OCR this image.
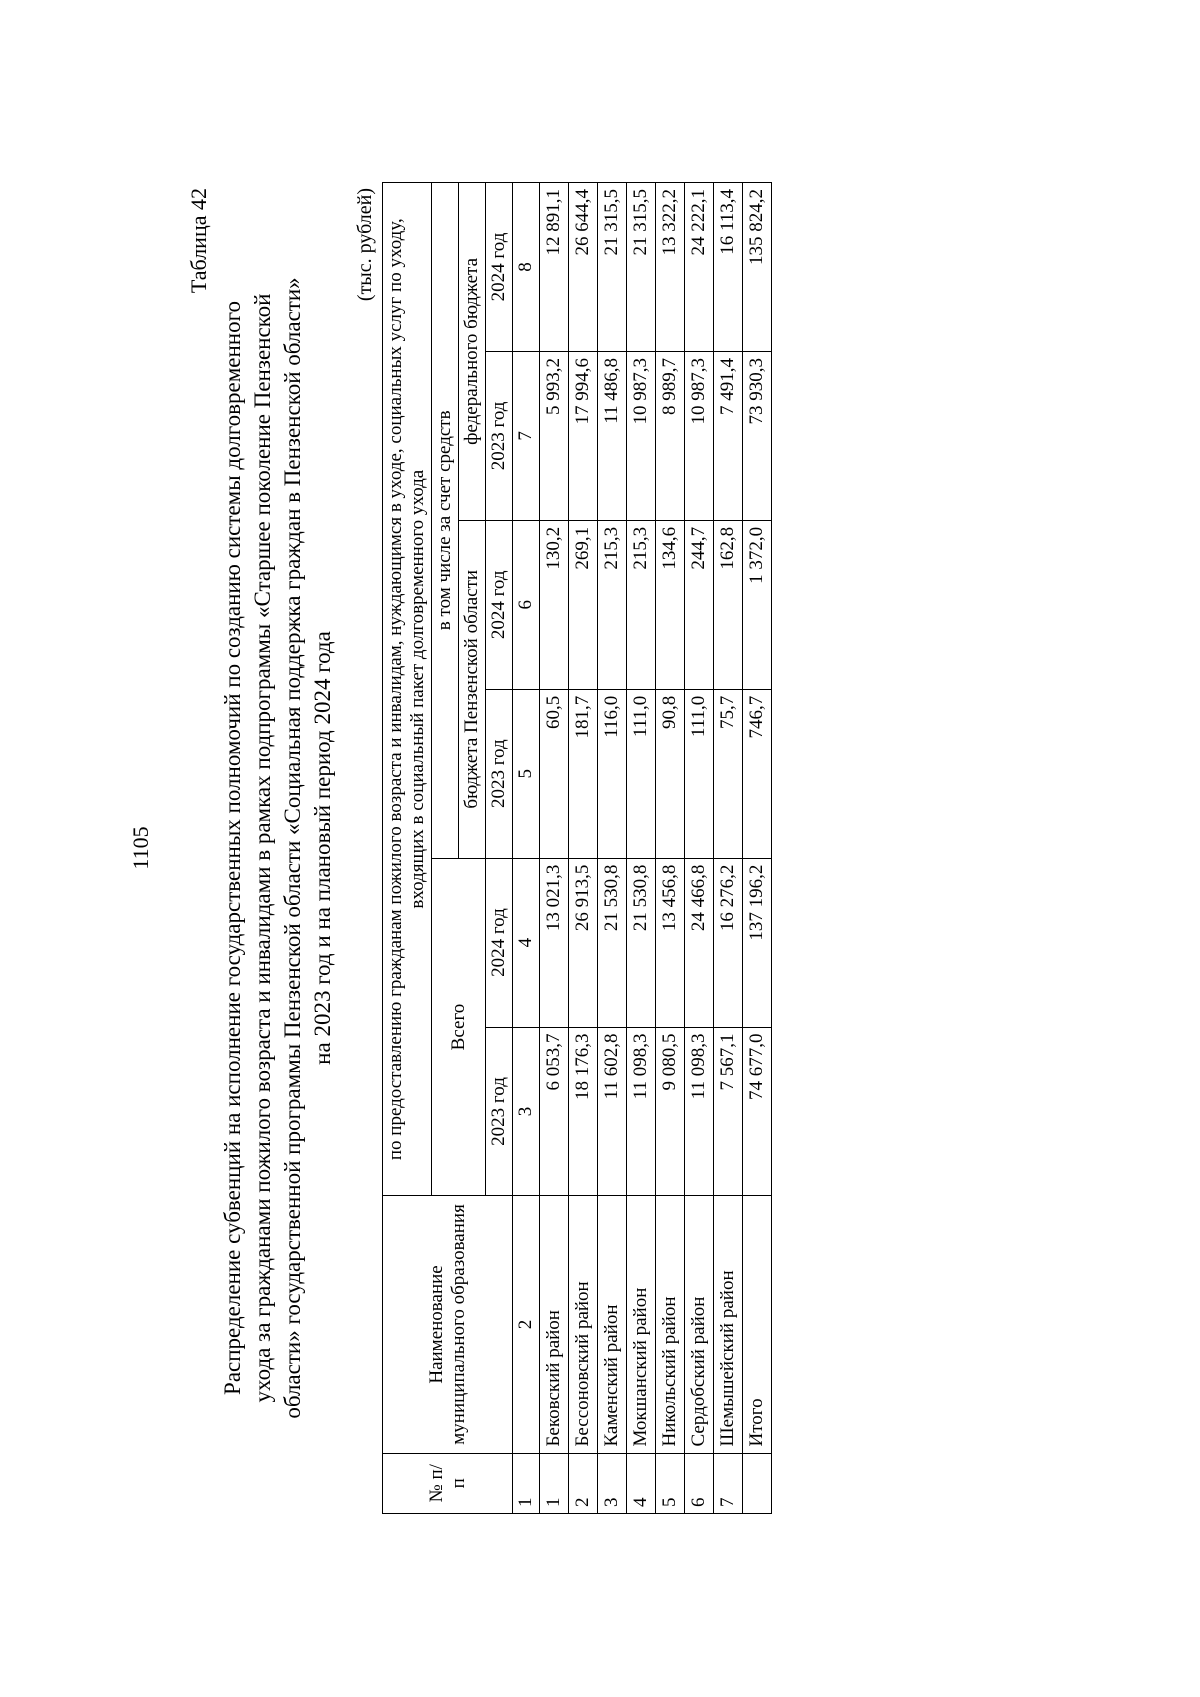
1105
Таблица 42
Распределение субвенций на исполнение государственных полномочий по созданию системы долговременного ухода за гражданами пожилого возраста и инвалидами в рамках подпрограммы «Старшее поколение Пензенской области» государственной программы Пензенской области «Социальная поддержка граждан в Пензенской области» на 2023 год и на плановый период 2024 года
(тыс. рублей)
№ п/п	Наименование муниципального образования	по предоставлению гражданам пожилого возраста и инвалидам, нуждающимся в уходе, социальных услуг по уходу, входящих в социальный пакет долговременного ухода					
		Всего		в том числе за счет средств			
				бюджета Пензенской области		федерального бюджета	
		2023 год	2024 год	2023 год	2024 год	2023 год	2024 год
1	2	3	4	5	6	7	8
1	Бековский район	6 053,7	13 021,3	60,5	130,2	5 993,2	12 891,1
2	Бессоновский район	18 176,3	26 913,5	181,7	269,1	17 994,6	26 644,4
3	Каменский район	11 602,8	21 530,8	116,0	215,3	11 486,8	21 315,5
4	Мокшанский район	11 098,3	21 530,8	111,0	215,3	10 987,3	21 315,5
5	Никольский район	9 080,5	13 456,8	90,8	134,6	8 989,7	13 322,2
6	Сердобский район	11 098,3	24 466,8	111,0	244,7	10 987,3	24 222,1
7	Шемышейский район	7 567,1	16 276,2	75,7	162,8	7 491,4	16 113,4
	Итого	74 677,0	137 196,2	746,7	1 372,0	73 930,3	135 824,2
